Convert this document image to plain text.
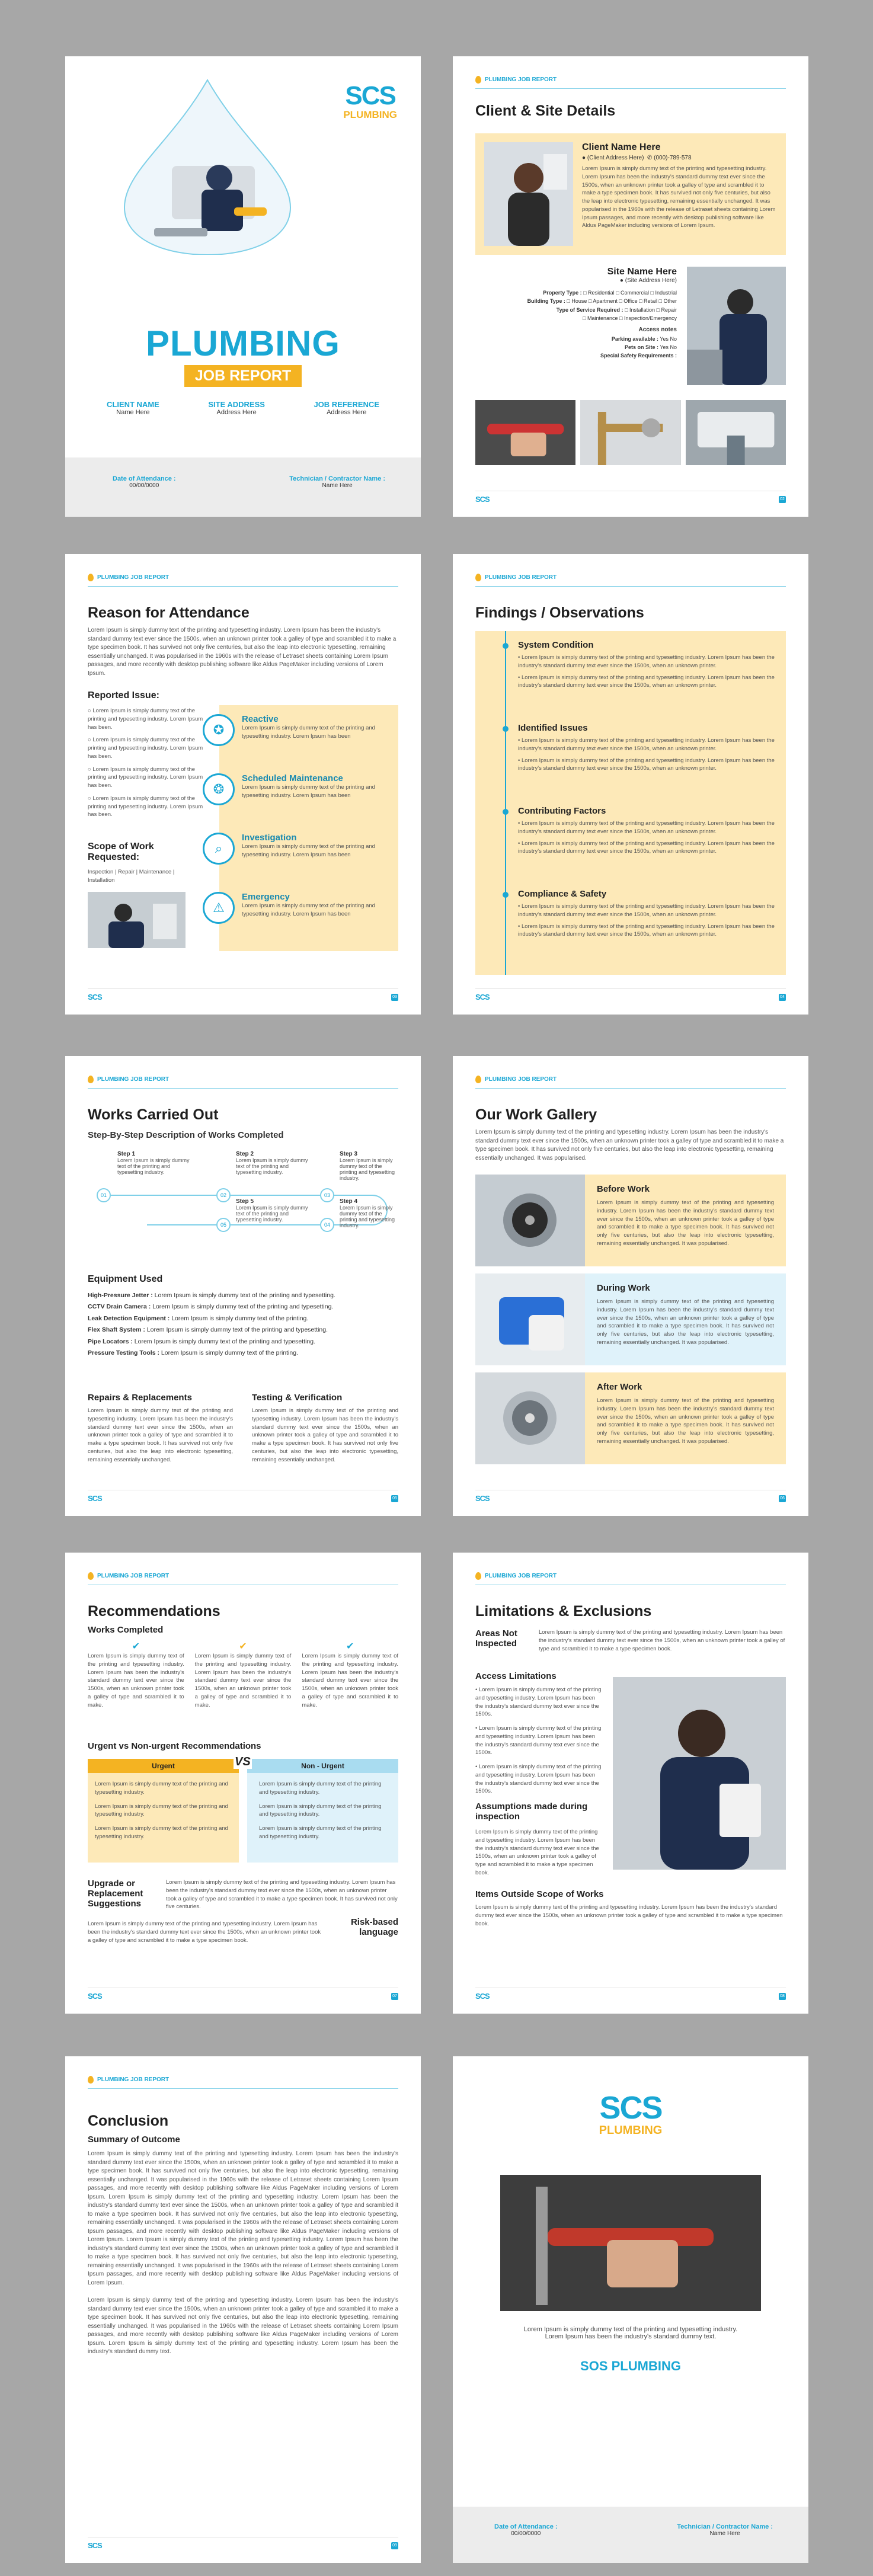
SCS
PLUMBING
PLUMBING
JOB REPORT
CLIENT NAME
Name Here
SITE ADDRESS
Address Here
JOB REFERENCE
Address Here
Date of Attendance :
00/00/0000
Technician / Contractor Name :
Name Here
PLUMBING JOB REPORT
Client & Site Details
Client Name Here
● (Client Address Here) ✆ (000)-789-578
Lorem Ipsum is simply dummy text of the printing and typesetting industry. Lorem Ipsum has been the industry's standard dummy text ever since the 1500s, when an unknown printer took a galley of type and scrambled it to make a type specimen book. It has survived not only five centuries, but also the leap into electronic typesetting, remaining essentially unchanged. It was popularised in the 1960s with the release of Letraset sheets containing Lorem Ipsum passages, and more recently with desktop publishing software like Aldus PageMaker including versions of Lorem Ipsum.
Site Name Here
● (Site Address Here)
Property Type : □ Residential □ Commercial □ Industrial
Building Type : □ House □ Apartment □ Office □ Retail □ Other
Type of Service Required : □ Installation □ Repair
□ Maintenance □ Inspection/Emergency
Access notes
Parking available : Yes No
Pets on Site : Yes No
Special Safety Requirements :
SCS	02
PLUMBING JOB REPORT
Reason for Attendance
Lorem Ipsum is simply dummy text of the printing and typesetting industry. Lorem Ipsum has been the industry's standard dummy text ever since the 1500s, when an unknown printer took a galley of type and scrambled it to make a type specimen book. It has survived not only five centuries, but also the leap into electronic typesetting, remaining essentially unchanged. It was popularised in the 1960s with the release of Letraset sheets containing Lorem Ipsum passages, and more recently with desktop publishing software like Aldus PageMaker including versions of Lorem Ipsum.
Reported Issue:
○ Lorem Ipsum is simply dummy text of the printing and typesetting industry. Lorem Ipsum has been.
○ Lorem Ipsum is simply dummy text of the printing and typesetting industry. Lorem Ipsum has been.
○ Lorem Ipsum is simply dummy text of the printing and typesetting industry. Lorem Ipsum has been.
○ Lorem Ipsum is simply dummy text of the printing and typesetting industry. Lorem Ipsum has been.
Scope of Work Requested:
Inspection | Repair | Maintenance | Installation
✪
Reactive
Lorem Ipsum is simply dummy text of the printing and typesetting industry. Lorem Ipsum has been
❂
Scheduled Maintenance
Lorem Ipsum is simply dummy text of the printing and typesetting industry. Lorem Ipsum has been
⌕
Investigation
Lorem Ipsum is simply dummy text of the printing and typesetting industry. Lorem Ipsum has been
⚠
Emergency
Lorem Ipsum is simply dummy text of the printing and typesetting industry. Lorem Ipsum has been
SCS	03
PLUMBING JOB REPORT
Findings / Observations
System Condition
• Lorem Ipsum is simply dummy text of the printing and typesetting industry. Lorem Ipsum has been the industry's standard dummy text ever since the 1500s, when an unknown printer.
• Lorem Ipsum is simply dummy text of the printing and typesetting industry. Lorem Ipsum has been the industry's standard dummy text ever since the 1500s, when an unknown printer.
Identified Issues
• Lorem Ipsum is simply dummy text of the printing and typesetting industry. Lorem Ipsum has been the industry's standard dummy text ever since the 1500s, when an unknown printer.
• Lorem Ipsum is simply dummy text of the printing and typesetting industry. Lorem Ipsum has been the industry's standard dummy text ever since the 1500s, when an unknown printer.
Contributing Factors
• Lorem Ipsum is simply dummy text of the printing and typesetting industry. Lorem Ipsum has been the industry's standard dummy text ever since the 1500s, when an unknown printer.
• Lorem Ipsum is simply dummy text of the printing and typesetting industry. Lorem Ipsum has been the industry's standard dummy text ever since the 1500s, when an unknown printer.
Compliance & Safety
• Lorem Ipsum is simply dummy text of the printing and typesetting industry. Lorem Ipsum has been the industry's standard dummy text ever since the 1500s, when an unknown printer.
• Lorem Ipsum is simply dummy text of the printing and typesetting industry. Lorem Ipsum has been the industry's standard dummy text ever since the 1500s, when an unknown printer.
SCS	04
PLUMBING JOB REPORT
Works Carried Out
Step-By-Step Description of Works Completed
01	02	03
04
05
Step 1
Lorem Ipsum is simply dummy text of the printing and typesetting industry.
Step 2
Lorem Ipsum is simply dummy text of the printing and typesetting industry.
Step 3
Lorem Ipsum is simply dummy text of the printing and typesetting industry.
Step 4
Lorem Ipsum is simply dummy text of the printing and typesetting industry.
Step 5
Lorem Ipsum is simply dummy text of the printing and typesetting industry.
Equipment Used
High-Pressure Jetter : Lorem Ipsum is simply dummy text of the printing and typesetting.
CCTV Drain Camera : Lorem Ipsum is simply dummy text of the printing and typesetting.
Leak Detection Equipment : Lorem Ipsum is simply dummy text of the printing.
Flex Shaft System : Lorem Ipsum is simply dummy text of the printing and typesetting.
Pipe Locators : Lorem Ipsum is simply dummy text of the printing and typesetting.
Pressure Testing Tools : Lorem Ipsum is simply dummy text of the printing.
Repairs & Replacements
Lorem Ipsum is simply dummy text of the printing and typesetting industry. Lorem Ipsum has been the industry's standard dummy text ever since the 1500s, when an unknown printer took a galley of type and scrambled it to make a type specimen book. It has survived not only five centuries, but also the leap into electronic typesetting, remaining essentially unchanged.
Testing & Verification
Lorem Ipsum is simply dummy text of the printing and typesetting industry. Lorem Ipsum has been the industry's standard dummy text ever since the 1500s, when an unknown printer took a galley of type and scrambled it to make a type specimen book. It has survived not only five centuries, but also the leap into electronic typesetting, remaining essentially unchanged.
SCS	05
PLUMBING JOB REPORT
Our Work Gallery
Lorem Ipsum is simply dummy text of the printing and typesetting industry. Lorem Ipsum has been the industry's standard dummy text ever since the 1500s, when an unknown printer took a galley of type and scrambled it to make a type specimen book. It has survived not only five centuries, but also the leap into electronic typesetting, remaining essentially unchanged. It was popularised.
Before Work
Lorem Ipsum is simply dummy text of the printing and typesetting industry. Lorem Ipsum has been the industry's standard dummy text ever since the 1500s, when an unknown printer took a galley of type and scrambled it to make a type specimen book. It has survived not only five centuries, but also the leap into electronic typesetting, remaining essentially unchanged. It was popularised.
During Work
Lorem Ipsum is simply dummy text of the printing and typesetting industry. Lorem Ipsum has been the industry's standard dummy text ever since the 1500s, when an unknown printer took a galley of type and scrambled it to make a type specimen book. It has survived not only five centuries, but also the leap into electronic typesetting, remaining essentially unchanged. It was popularised.
After Work
Lorem Ipsum is simply dummy text of the printing and typesetting industry. Lorem Ipsum has been the industry's standard dummy text ever since the 1500s, when an unknown printer took a galley of type and scrambled it to make a type specimen book. It has survived not only five centuries, but also the leap into electronic typesetting, remaining essentially unchanged. It was popularised.
SCS	06
PLUMBING JOB REPORT
Recommendations
Works Completed
✔
Lorem Ipsum is simply dummy text of the printing and typesetting industry. Lorem Ipsum has been the industry's standard dummy text ever since the 1500s, when an unknown printer took a galley of type and scrambled it to make.
✔
Lorem Ipsum is simply dummy text of the printing and typesetting industry. Lorem Ipsum has been the industry's standard dummy text ever since the 1500s, when an unknown printer took a galley of type and scrambled it to make.
✔
Lorem Ipsum is simply dummy text of the printing and typesetting industry. Lorem Ipsum has been the industry's standard dummy text ever since the 1500s, when an unknown printer took a galley of type and scrambled it to make.
Urgent vs Non-urgent Recommendations
Urgent
Lorem Ipsum is simply dummy text of the printing and typesetting industry.
Lorem Ipsum is simply dummy text of the printing and typesetting industry.
Lorem Ipsum is simply dummy text of the printing and typesetting industry.
Non - Urgent
Lorem Ipsum is simply dummy text of the printing and typesetting industry.
Lorem Ipsum is simply dummy text of the printing and typesetting industry.
Lorem Ipsum is simply dummy text of the printing and typesetting industry.
VS
Upgrade or Replacement Suggestions
Lorem Ipsum is simply dummy text of the printing and typesetting industry. Lorem Ipsum has been the industry's standard dummy text ever since the 1500s, when an unknown printer took a galley of type and scrambled it to make a type specimen book. It has survived not only five centuries.
Lorem Ipsum is simply dummy text of the printing and typesetting industry. Lorem Ipsum has been the industry's standard dummy text ever since the 1500s, when an unknown printer took a galley of type and scrambled it to make a type specimen book.
Risk-based language
SCS	07
PLUMBING JOB REPORT
Limitations & Exclusions
Areas Not Inspected
Lorem Ipsum is simply dummy text of the printing and typesetting industry. Lorem Ipsum has been the industry's standard dummy text ever since the 1500s, when an unknown printer took a galley of type and scrambled it to make a type specimen book.
Access Limitations
• Lorem Ipsum is simply dummy text of the printing and typesetting industry. Lorem Ipsum has been the industry's standard dummy text ever since the 1500s.
• Lorem Ipsum is simply dummy text of the printing and typesetting industry. Lorem Ipsum has been the industry's standard dummy text ever since the 1500s.
• Lorem Ipsum is simply dummy text of the printing and typesetting industry. Lorem Ipsum has been the industry's standard dummy text ever since the 1500s.
Assumptions made during inspection
Lorem Ipsum is simply dummy text of the printing and typesetting industry. Lorem Ipsum has been the industry's standard dummy text ever since the 1500s, when an unknown printer took a galley of type and scrambled it to make a type specimen book.
Items Outside Scope of Works
Lorem Ipsum is simply dummy text of the printing and typesetting industry. Lorem Ipsum has been the industry's standard dummy text ever since the 1500s, when an unknown printer took a galley of type and scrambled it to make a type specimen book.
SCS	08
PLUMBING JOB REPORT
Conclusion
Summary of Outcome
Lorem Ipsum is simply dummy text of the printing and typesetting industry. Lorem Ipsum has been the industry's standard dummy text ever since the 1500s, when an unknown printer took a galley of type and scrambled it to make a type specimen book. It has survived not only five centuries, but also the leap into electronic typesetting, remaining essentially unchanged. It was popularised in the 1960s with the release of Letraset sheets containing Lorem Ipsum passages, and more recently with desktop publishing software like Aldus PageMaker including versions of Lorem Ipsum. Lorem Ipsum is simply dummy text of the printing and typesetting industry. Lorem Ipsum has been the industry's standard dummy text ever since the 1500s, when an unknown printer took a galley of type and scrambled it to make a type specimen book. It has survived not only five centuries, but also the leap into electronic typesetting, remaining essentially unchanged. It was popularised in the 1960s with the release of Letraset sheets containing Lorem Ipsum passages, and more recently with desktop publishing software like Aldus PageMaker including versions of Lorem Ipsum. Lorem Ipsum is simply dummy text of the printing and typesetting industry. Lorem Ipsum has been the industry's standard dummy text ever since the 1500s, when an unknown printer took a galley of type and scrambled it to make a type specimen book. It has survived not only five centuries, but also the leap into electronic typesetting, remaining essentially unchanged. It was popularised in the 1960s with the release of Letraset sheets containing Lorem Ipsum passages, and more recently with desktop publishing software like Aldus PageMaker including versions of Lorem Ipsum.
Lorem Ipsum is simply dummy text of the printing and typesetting industry. Lorem Ipsum has been the industry's standard dummy text ever since the 1500s, when an unknown printer took a galley of type and scrambled it to make a type specimen book. It has survived not only five centuries, but also the leap into electronic typesetting, remaining essentially unchanged. It was popularised in the 1960s with the release of Letraset sheets containing Lorem Ipsum passages, and more recently with desktop publishing software like Aldus PageMaker including versions of Lorem Ipsum. Lorem Ipsum is simply dummy text of the printing and typesetting industry. Lorem Ipsum has been the industry's standard dummy text.
SCS	09
SCS
PLUMBING
Lorem Ipsum is simply dummy text of the printing and typesetting industry. Lorem Ipsum has been the industry's standard dummy text.
SOS PLUMBING
Date of Attendance :
00/00/0000
Technician / Contractor Name :
Name Here
